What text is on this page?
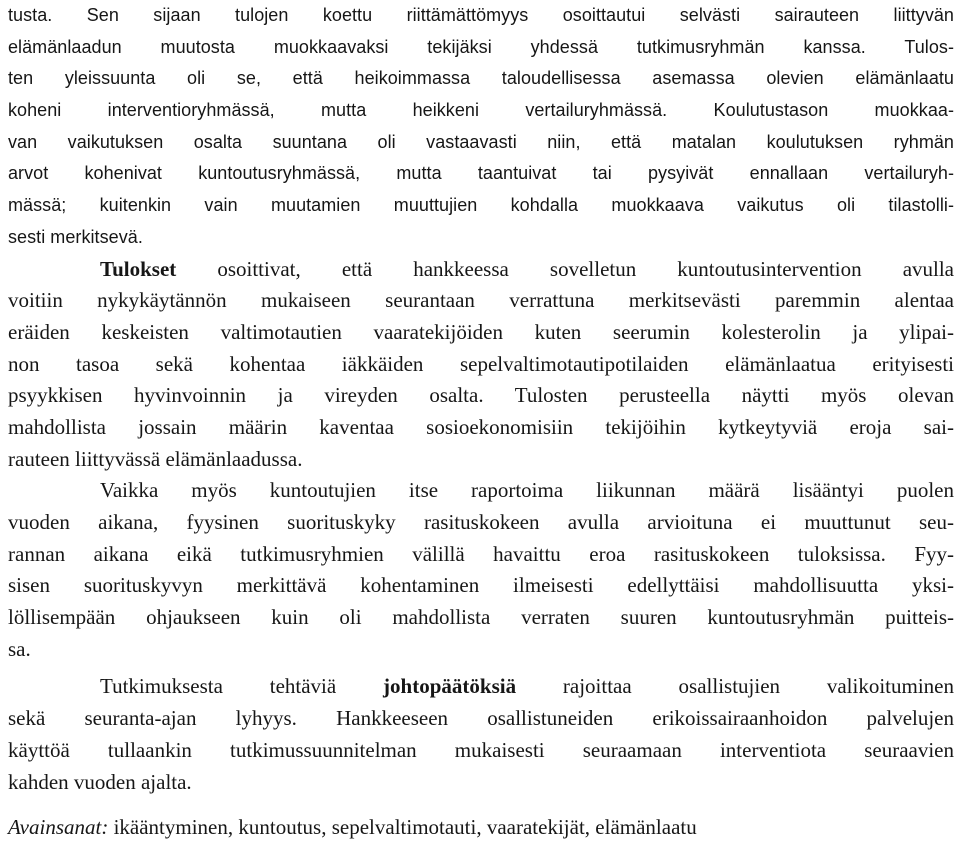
tusta. Sen sijaan tulojen koettu riittämättömyys osoittautui selvästi sairauteen liittyvän
elämänlaadun muutosta muokkaavaksi tekijäksi yhdessä tutkimusryhmän kanssa. Tulos-
ten yleissuunta oli se, että heikoimmassa taloudellisessa asemassa olevien elämänlaatu
koheni interventioryhmässä, mutta heikkeni vertailuryhmässä. Koulutustason muokkaa-
van vaikutuksen osalta suuntana oli vastaavasti niin, että matalan koulutuksen ryhmän
arvot kohenivat kuntoutusryhmässä, mutta taantuivat tai pysyivät ennallaan vertailuryh-
mässä; kuitenkin vain muutamien muuttujien kohdalla muokkaava vaikutus oli tilastolli-
sesti merkitsevä.
Tulokset osoittivat, että hankkeessa sovelletun kuntoutusintervention avulla
voitiin nykykäytännön mukaiseen seurantaan verrattuna merkitsevästi paremmin alentaa
eräiden keskeisten valtimotautien vaaratekijöiden kuten seerumin kolesterolin ja ylipai-
non tasoa sekä kohentaa iäkkäiden sepelvaltimotautipotilaiden elämänlaatua erityisesti
psyykkisen hyvinvoinnin ja vireyden osalta. Tulosten perusteella näytti myös olevan
mahdollista jossain määrin kaventaa sosioekonomisiin tekijöihin kytkeytyviä eroja sai-
rauteen liittyvässä elämänlaadussa.
Vaikka myös kuntoutujien itse raportoima liikunnan määrä lisääntyi puolen
vuoden aikana, fyysinen suorituskyky rasituskokeen avulla arvioituna ei muuttunut seu-
rannan aikana eikä tutkimusryhmien välillä havaittu eroa rasituskokeen tuloksissa. Fyy-
sisen suorituskyvyn merkittävä kohentaminen ilmeisesti edellyttäisi mahdollisuutta yksi-
löllisempään ohjaukseen kuin oli mahdollista verraten suuren kuntoutusryhmän puitteis-
sa.
Tutkimuksesta tehtäviä johtopäätöksiä rajoittaa osallistujien valikoituminen
sekä seuranta-ajan lyhyys. Hankkeeseen osallistuneiden erikoissairaanhoidon palvelujen
käyttöä tullaankin tutkimussuunnitelman mukaisesti seuraamaan interventiota seuraavien
kahden vuoden ajalta.
Avainsanat: ikääntyminen, kuntoutus, sepelvaltimotauti, vaaratekijät, elämänlaatu
